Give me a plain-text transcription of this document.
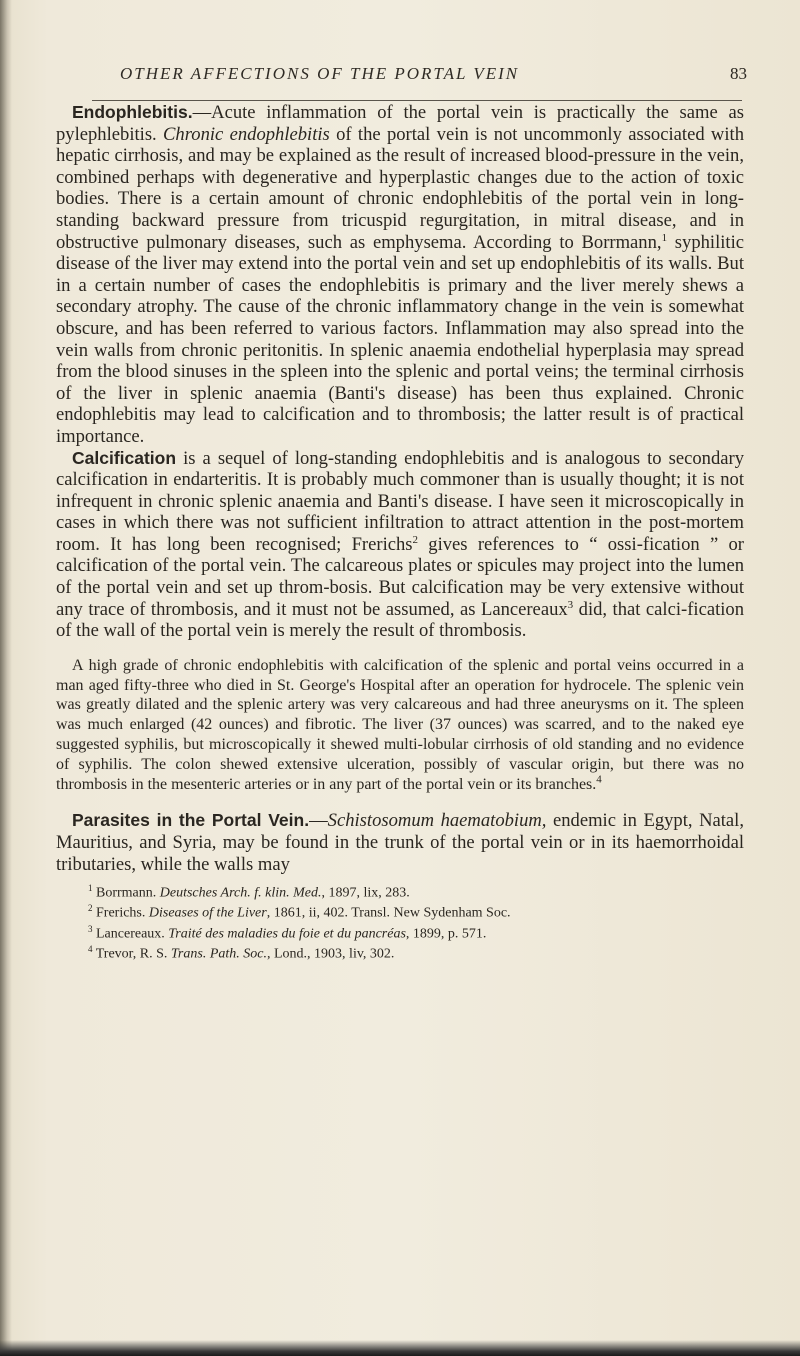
OTHER AFFECTIONS OF THE PORTAL VEIN	83

Endophlebitis.—Acute inflammation of the portal vein is practically the same as pylephlebitis. Chronic endophlebitis of the portal vein is not uncommonly associated with hepatic cirrhosis, and may be explained as the result of increased blood-pressure in the vein, combined perhaps with degenerative and hyperplastic changes due to the action of toxic bodies. There is a certain amount of chronic endophlebitis of the portal vein in long-standing backward pressure from tricuspid regurgitation, in mitral disease, and in obstructive pulmonary diseases, such as emphysema. According to Borrmann,$^1$ syphilitic disease of the liver may extend into the portal vein and set up endophlebitis of its walls. But in a certain number of cases the endophlebitis is primary and the liver merely shews a secondary atrophy. The cause of the chronic inflammatory change in the vein is somewhat obscure, and has been referred to various factors. Inflammation may also spread into the vein walls from chronic peritonitis. In splenic anaemia endothelial hyperplasia may spread from the blood sinuses in the spleen into the splenic and portal veins; the terminal cirrhosis of the liver in splenic anaemia (Banti's disease) has been thus explained. Chronic endophlebitis may lead to calcification and to thrombosis; the latter result is of practical importance.

Calcification is a sequel of long-standing endophlebitis and is analogous to secondary calcification in endarteritis. It is probably much commoner than is usually thought; it is not infrequent in chronic splenic anaemia and Banti's disease. I have seen it microscopically in cases in which there was not sufficient infiltration to attract attention in the post-mortem room. It has long been recognised; Frerichs$^2$ gives references to “ ossi-fication ” or calcification of the portal vein. The calcareous plates or spicules may project into the lumen of the portal vein and set up throm-bosis. But calcification may be very extensive without any trace of thrombosis, and it must not be assumed, as Lancereaux$^3$ did, that calci-fication of the wall of the portal vein is merely the result of thrombosis.

A high grade of chronic endophlebitis with calcification of the splenic and portal veins occurred in a man aged fifty-three who died in St. George's Hospital after an operation for hydrocele. The splenic vein was greatly dilated and the splenic artery was very calcareous and had three aneurysms on it. The spleen was much enlarged (42 ounces) and fibrotic. The liver (37 ounces) was scarred, and to the naked eye suggested syphilis, but microscopically it shewed multi-lobular cirrhosis of old standing and no evidence of syphilis. The colon shewed extensive ulceration, possibly of vascular origin, but there was no thrombosis in the mesenteric arteries or in any part of the portal vein or its branches.$^4$

Parasites in the Portal Vein.—Schistosomum haematobium, endemic in Egypt, Natal, Mauritius, and Syria, may be found in the trunk of the portal vein or in its haemorrhoidal tributaries, while the walls may

$^1$ Borrmann. Deutsches Arch. f. klin. Med., 1897, lix, 283.

$^2$ Frerichs. Diseases of the Liver, 1861, ii, 402. Transl. New Sydenham Soc.

$^3$ Lancereaux. Traité des maladies du foie et du pancréas, 1899, p. 571.

$^4$ Trevor, R. S. Trans. Path. Soc., Lond., 1903, liv, 302.
